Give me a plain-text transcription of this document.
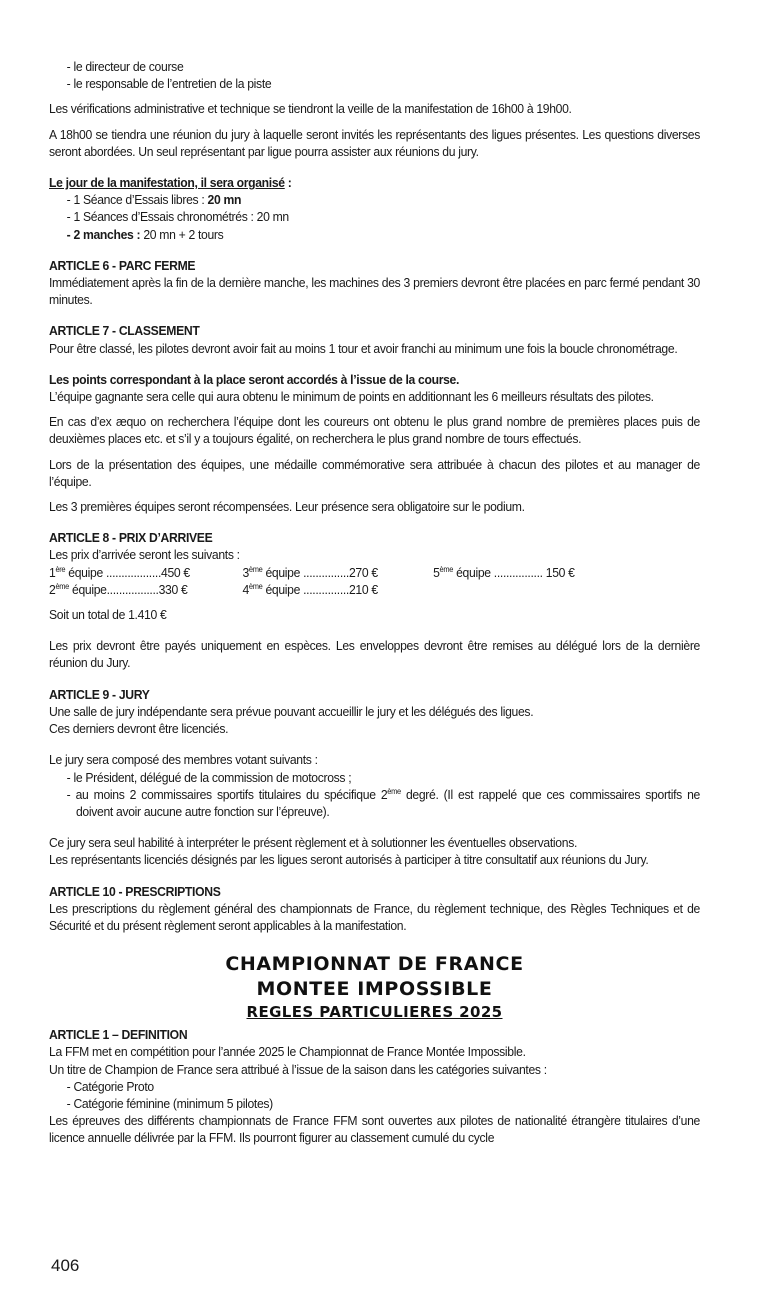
- le directeur de course

- le responsable de l’entretien de la piste

Les vérifications administrative et technique se tiendront la veille de la manifestation de 16h00 à 19h00.

A 18h00 se tiendra une réunion du jury à laquelle seront invités les représentants des ligues présentes. Les questions diverses seront abordées. Un seul représentant par ligue pourra assister aux réunions du jury.

Le jour de la manifestation, il sera organisé :

- 1 Séance d’Essais libres : 20 mn

- 1 Séances d’Essais chronométrés : 20 mn

- 2 manches : 20 mn + 2 tours

ARTICLE 6 - PARC FERME

Immédiatement après la fin de la dernière manche, les machines des 3 premiers devront être placées en parc fermé pendant 30 minutes.

ARTICLE 7 - CLASSEMENT

Pour être classé, les pilotes devront avoir fait au moins 1 tour et avoir franchi au minimum une fois la boucle chronométrage.

Les points correspondant à la place seront accordés à l’issue de la course.

L’équipe gagnante sera celle qui aura obtenu le minimum de points en additionnant les 6 meilleurs résultats des pilotes.

En cas d’ex æquo on recherchera l’équipe dont les coureurs ont obtenu le plus grand nombre de premières places puis de deuxièmes places etc. et s’il y a toujours égalité, on recherchera le plus grand nombre de tours effectués.

Lors de la présentation des équipes, une médaille commémorative sera attribuée à chacun des pilotes et au manager de l’équipe.

Les 3 premières équipes seront récompensées. Leur présence sera obligatoire sur le podium.

ARTICLE 8 - PRIX D’ARRIVEE

Les prix d’arrivée seront les suivants :

1ère équipe ..................450 €	3ème équipe ...............270 €	5ème équipe ................ 150 €
2ème équipe.................330 €	4ème équipe ...............210 €

Soit un total de 1.410 €

Les prix devront être payés uniquement en espèces. Les enveloppes devront être remises au délégué lors de la dernière réunion du Jury.

ARTICLE 9 - JURY

Une salle de jury indépendante sera prévue pouvant accueillir le jury et les délégués des ligues.

Ces derniers devront être licenciés.

Le jury sera composé des membres votant suivants :

- le Président, délégué de la commission de motocross ;

- au moins 2 commissaires sportifs titulaires du spécifique 2ème degré. (Il est rappelé que ces commissaires sportifs ne doivent avoir aucune autre fonction sur l’épreuve).

Ce jury sera seul habilité à interpréter le présent règlement et à solutionner les éventuelles observations.

Les représentants licenciés désignés par les ligues seront autorisés à participer à titre consultatif aux réunions du Jury.

ARTICLE 10 - PRESCRIPTIONS

Les prescriptions du règlement général des championnats de France, du règlement technique, des Règles Techniques et de Sécurité et du présent règlement seront applicables à la manifestation.

CHAMPIONNAT DE FRANCE
MONTEE IMPOSSIBLE
REGLES PARTICULIERES 2025

ARTICLE 1 – DEFINITION

La FFM met en compétition pour l’année 2025 le Championnat de France Montée Impossible.

Un titre de Champion de France sera attribué à l’issue de la saison dans les catégories suivantes :

- Catégorie Proto

- Catégorie féminine (minimum 5 pilotes)

Les épreuves des différents championnats de France FFM sont ouvertes aux pilotes de nationalité étrangère titulaires d’une licence annuelle délivrée par la FFM. Ils pourront figurer au classement cumulé du cycle

406
